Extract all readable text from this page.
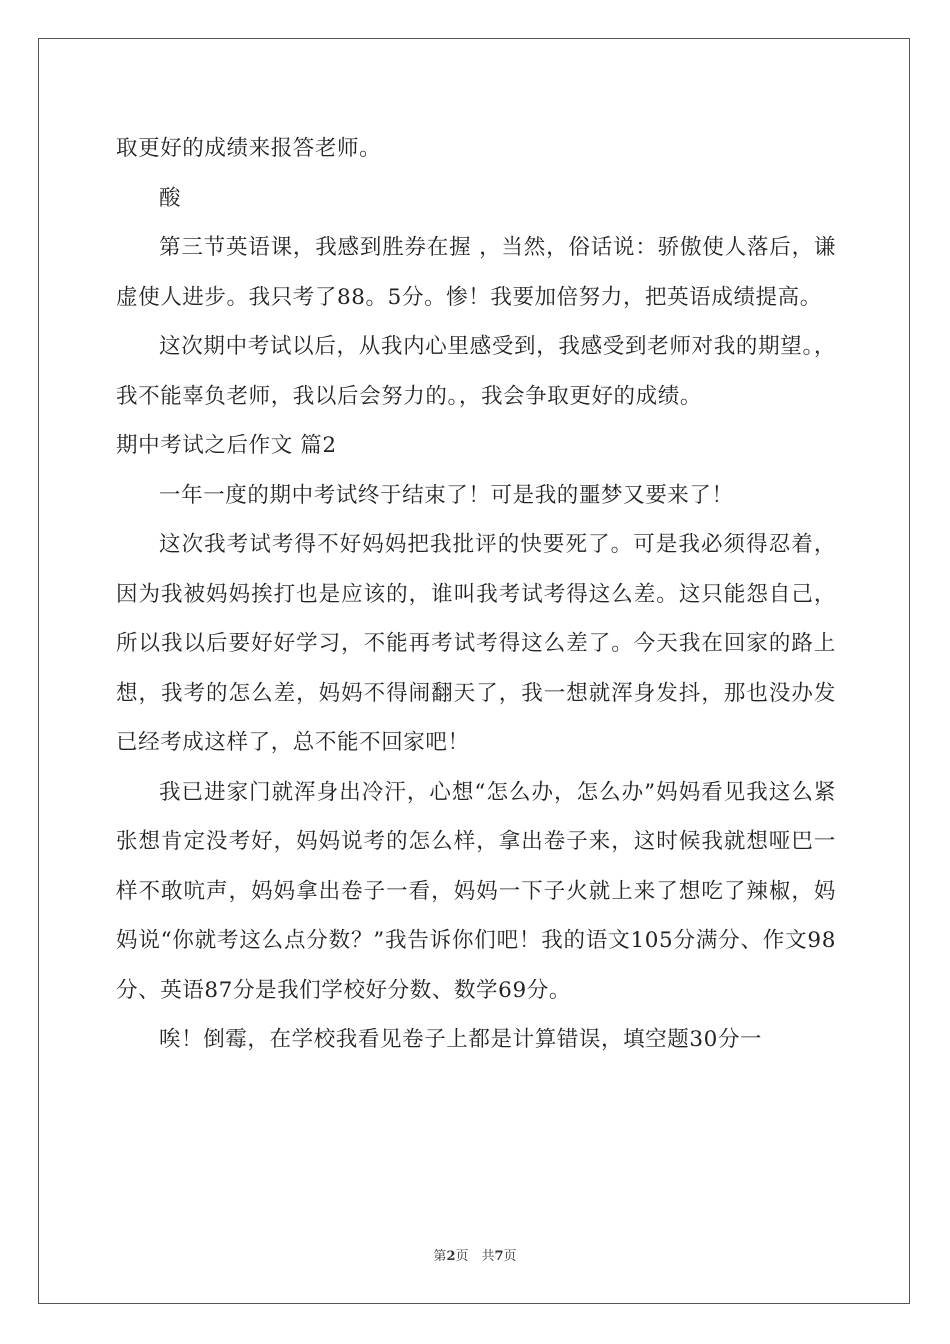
取更好的成绩来报答老师。

酸

第三节英语课，我感到胜券在握 ，当然，俗话说：骄傲使人落后，谦虚使人进步。我只考了88。5分。惨！我要加倍努力，把英语成绩提高。

这次期中考试以后，从我内心里感受到，我感受到老师对我的期望。，我不能辜负老师，我以后会努力的。，我会争取更好的成绩。

期中考试之后作文 篇2

一年一度的期中考试终于结束了！可是我的噩梦又要来了！

这次我考试考得不好妈妈把我批评的快要死了。可是我必须得忍着，因为我被妈妈挨打也是应该的，谁叫我考试考得这么差。这只能怨自己，所以我以后要好好学习，不能再考试考得这么差了。今天我在回家的路上想，我考的怎么差，妈妈不得闹翻天了，我一想就浑身发抖，那也没办发已经考成这样了，总不能不回家吧！

我已进家门就浑身出冷汗，心想“怎么办，怎么办”妈妈看见我这么紧张想肯定没考好，妈妈说考的怎么样，拿出卷子来，这时候我就想哑巴一样不敢吭声，妈妈拿出卷子一看，妈妈一下子火就上来了想吃了辣椒，妈妈说“你就考这么点分数？”我告诉你们吧！我的语文105分满分、作文98分、英语87分是我们学校好分数、数学69分。

唉！倒霉，在学校我看见卷子上都是计算错误，填空题30分一

第2页　共7页
